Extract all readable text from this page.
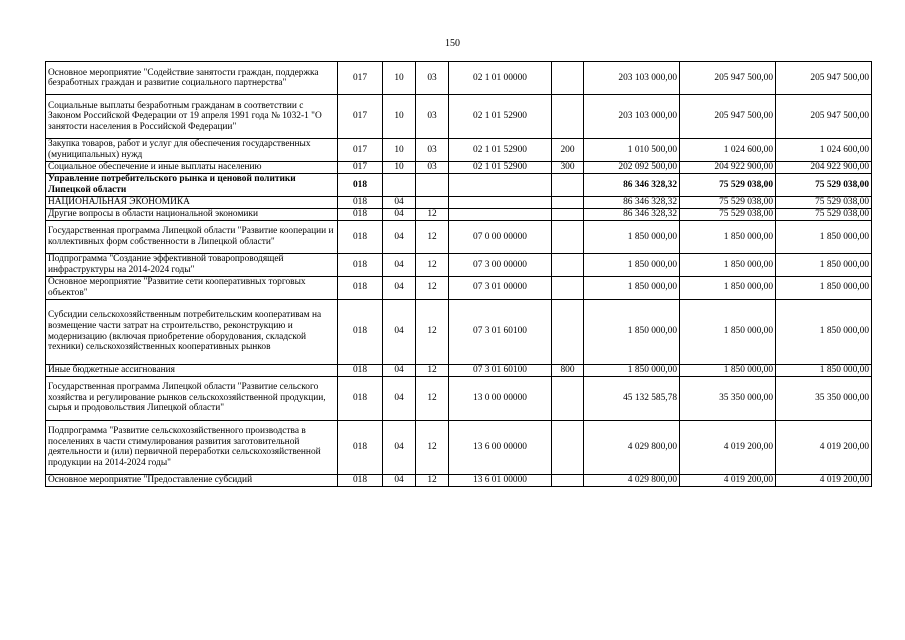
150
Основное мероприятие "Содействие занятости граждан, поддержка безработных граждан и развитие социального партнерства"	017	10	03	02 1 01 00000		203 103 000,00	205 947 500,00	205 947 500,00
Социальные выплаты безработным гражданам в соответствии с Законом Российской Федерации от 19 апреля 1991 года № 1032-1 "О занятости населения в Российской Федерации"	017	10	03	02 1 01 52900		203 103 000,00	205 947 500,00	205 947 500,00
Закупка товаров, работ и услуг для обеспечения государственных (муниципальных) нужд	017	10	03	02 1 01 52900	200	1 010 500,00	1 024 600,00	1 024 600,00
Социальное обеспечение и иные выплаты населению	017	10	03	02 1 01 52900	300	202 092 500,00	204 922 900,00	204 922 900,00
Управление потребительского рынка и ценовой политики Липецкой области	018					86 346 328,32	75 529 038,00	75 529 038,00
НАЦИОНАЛЬНАЯ ЭКОНОМИКА	018	04				86 346 328,32	75 529 038,00	75 529 038,00
Другие вопросы в области национальной экономики	018	04	12			86 346 328,32	75 529 038,00	75 529 038,00
Государственная программа Липецкой области "Развитие кооперации и коллективных форм собственности в Липецкой области"	018	04	12	07 0 00 00000		1 850 000,00	1 850 000,00	1 850 000,00
Подпрограмма "Создание эффективной товаропроводящей инфраструктуры на 2014-2024 годы"	018	04	12	07 3 00 00000		1 850 000,00	1 850 000,00	1 850 000,00
Основное мероприятие "Развитие сети кооперативных торговых объектов"	018	04	12	07 3 01 00000		1 850 000,00	1 850 000,00	1 850 000,00
Субсидии сельскохозяйственным потребительским кооперативам на возмещение части затрат на строительство, реконструкцию и модернизацию (включая приобретение оборудования, складской техники) сельскохозяйственных кооперативных рынков	018	04	12	07 3 01 60100		1 850 000,00	1 850 000,00	1 850 000,00
Иные бюджетные ассигнования	018	04	12	07 3 01 60100	800	1 850 000,00	1 850 000,00	1 850 000,00
Государственная программа Липецкой области "Развитие сельского хозяйства и регулирование рынков сельскохозяйственной продукции, сырья и продовольствия Липецкой области"	018	04	12	13 0 00 00000		45 132 585,78	35 350 000,00	35 350 000,00
Подпрограмма "Развитие сельскохозяйственного производства в поселениях в части стимулирования развития заготовительной деятельности и (или) первичной переработки сельскохозяйственной продукции на 2014-2024 годы"	018	04	12	13 6 00 00000		4 029 800,00	4 019 200,00	4 019 200,00
Основное мероприятие "Предоставление субсидий	018	04	12	13 6 01 00000		4 029 800,00	4 019 200,00	4 019 200,00
